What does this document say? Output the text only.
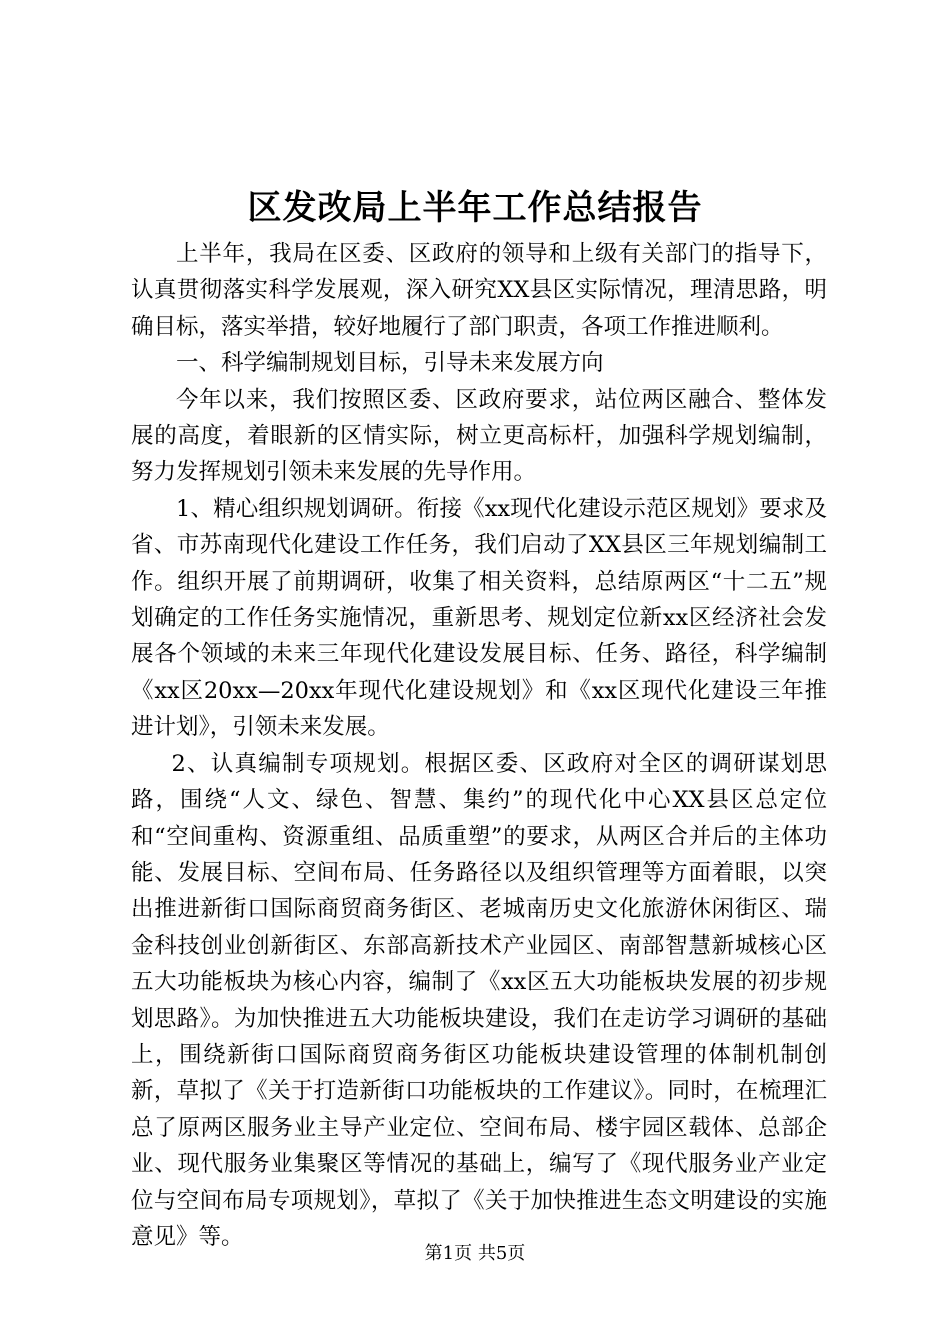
区发改局上半年工作总结报告

上半年，我局在区委、区政府的领导和上级有关部门的指导下，认真贯彻落实科学发展观，深入研究XX县区实际情况，理清思路，明确目标，落实举措，较好地履行了部门职责，各项工作推进顺利。

一、科学编制规划目标，引导未来发展方向

今年以来，我们按照区委、区政府要求，站位两区融合、整体发展的高度，着眼新的区情实际，树立更高标杆，加强科学规划编制，努力发挥规划引领未来发展的先导作用。

1、精心组织规划调研。衔接《xx现代化建设示范区规划》要求及省、市苏南现代化建设工作任务，我们启动了XX县区三年规划编制工作。组织开展了前期调研，收集了相关资料，总结原两区“十二五”规划确定的工作任务实施情况，重新思考、规划定位新xx区经济社会发展各个领域的未来三年现代化建设发展目标、任务、路径，科学编制《xx区20xx—20xx年现代化建设规划》和《xx区现代化建设三年推进计划》，引领未来发展。

2、认真编制专项规划。根据区委、区政府对全区的调研谋划思路，围绕“人文、绿色、智慧、集约”的现代化中心XX县区总定位和“空间重构、资源重组、品质重塑”的要求，从两区合并后的主体功能、发展目标、空间布局、任务路径以及组织管理等方面着眼，以突出推进新街口国际商贸商务街区、老城南历史文化旅游休闲街区、瑞金科技创业创新街区、东部高新技术产业园区、南部智慧新城核心区五大功能板块为核心内容，编制了《xx区五大功能板块发展的初步规划思路》。为加快推进五大功能板块建设，我们在走访学习调研的基础上，围绕新街口国际商贸商务街区功能板块建设管理的体制机制创新，草拟了《关于打造新街口功能板块的工作建议》。同时，在梳理汇总了原两区服务业主导产业定位、空间布局、楼宇园区载体、总部企业、现代服务业集聚区等情况的基础上，编写了《现代服务业产业定位与空间布局专项规划》，草拟了《关于加快推进生态文明建设的实施意见》等。

第1页 共5页
